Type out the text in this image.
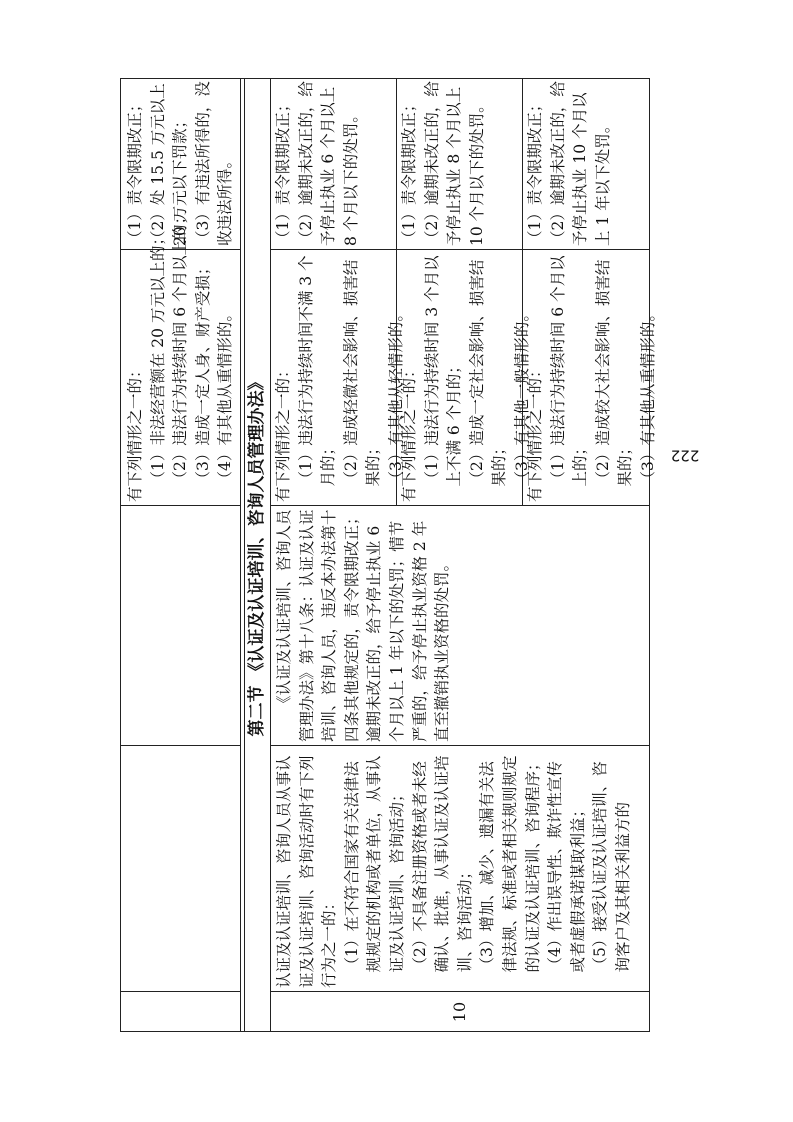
有下列情形之一的： （1）非法经营额在 20 万元以上的； （2）违法行为持续时间 6 个月以上的； （3）造成一定人身、财产受损； （4）有其他从重情形的。
（1）责令限期改正； （2）处 15.5 万元以上 20 万元以下罚款； （3）有违法所得的，没收违法所得。
10
第二节 《认证及认证培训、咨询人员管理办法》
认证及认证培训、咨询人员从事认证及认证培训、咨询活动时有下列行为之一的： （1）在不符合国家有关法律法规规定的机构或者单位，从事认证及认证培训、咨询活动； （2）不具备注册资格或者未经确认、批准，从事认证及认证培训、咨询活动； （3）增加、减少、遗漏有关法律法规、标准或者相关规则规定的认证及认证培训、咨询程序； （4）作出误导性、欺诈性宣传或者虚假承诺谋取利益； （5）接受认证及认证培训、咨询客户及其相关利益方的
《认证及认证培训、咨询人员管理办法》第十八条：认证及认证培训、咨询人员，违反本办法第十四条其他规定的，责令限期改正；逾期未改正的，给予停止执业 6 个月以上 1 年以下的处罚；情节严重的，给予停止执业资格 2 年直至撤销执业资格的处罚。
有下列情形之一的： （1）违法行为持续时间不满 3 个月的； （2）造成轻微社会影响、损害结果的； （3）有其他从轻情形的。
（1）责令限期改正； （2）逾期未改正的，给予停止执业 6 个月以上 8 个月以下的处罚。
有下列情形之一的： （1）违法行为持续时间 3 个月以上不满 6 个月的； （2）造成一定社会影响、损害结果的； （3）有其他一般情形的。
（1）责令限期改正； （2）逾期未改正的，给予停止执业 8 个月以上 10 个月以下的处罚。
有下列情形之一的： （1）违法行为持续时间 6 个月以上的； （2）造成较大社会影响、损害结果的； （3）有其他从重情形的。
（1）责令限期改正； （2）逾期未改正的，给予停止执业 10 个月以上 1 年以下处罚。
222
